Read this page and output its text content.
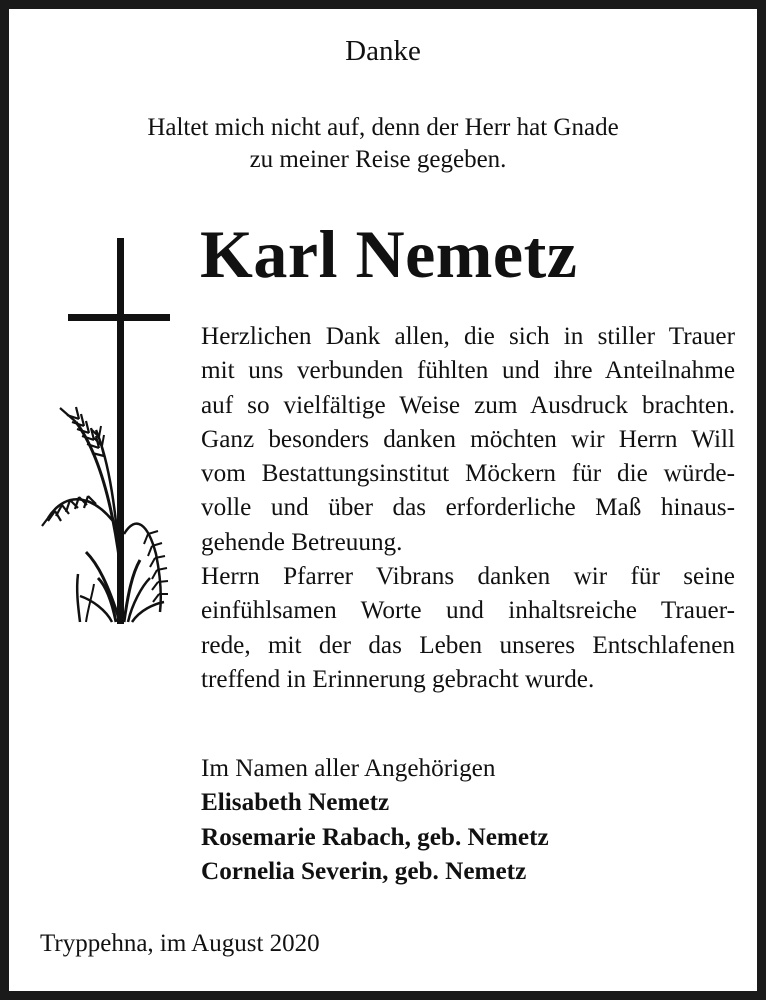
Danke
Haltet mich nicht auf, denn der Herr hat Gnade
zu meiner Reise gegeben.
Karl Nemetz
Herzlichen Dank allen, die sich in stiller Trauer
mit uns verbunden fühlten und ihre Anteilnahme
auf so vielfältige Weise zum Ausdruck brachten.
Ganz besonders danken möchten wir Herrn Will
vom Bestattungsinstitut Möckern für die würde-
volle und über das erforderliche Maß hinaus-
gehende Betreuung.
Herrn Pfarrer Vibrans danken wir für seine
einfühlsamen Worte und inhaltsreiche Trauer-
rede, mit der das Leben unseres Entschlafenen
treffend in Erinnerung gebracht wurde.
Im Namen aller Angehörigen
Elisabeth Nemetz
Rosemarie Rabach, geb. Nemetz
Cornelia Severin, geb. Nemetz
Tryppehna, im August 2020
